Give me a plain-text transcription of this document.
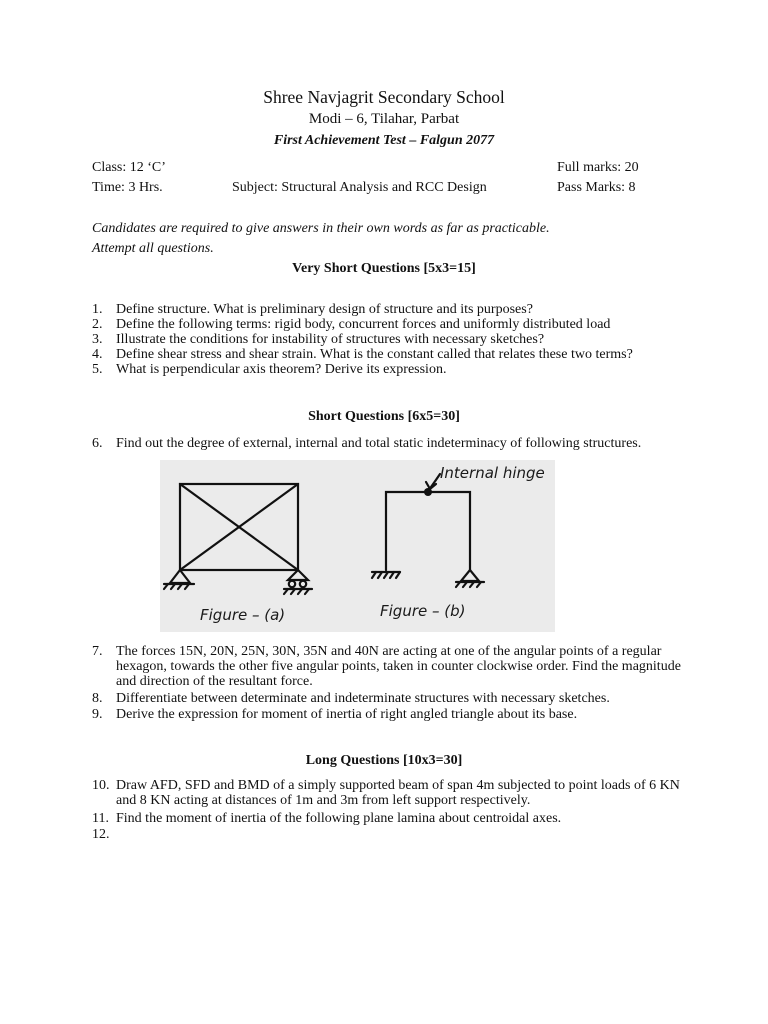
Shree Navjagrit Secondary School
Modi – 6, Tilahar, Parbat
First Achievement Test – Falgun 2077
Class: 12 ‘C’	Full marks: 20
Time: 3 Hrs.	Subject: Structural Analysis and RCC Design	Pass Marks: 8
Candidates are required to give answers in their own words as far as practicable.
Attempt all questions.
Very Short Questions [5x3=15]
1. Define structure. What is preliminary design of structure and its purposes?
2. Define the following terms: rigid body, concurrent forces and uniformly distributed load
3. Illustrate the conditions for instability of structures with necessary sketches?
4. Define shear stress and shear strain. What is the constant called that relates these two terms?
5. What is perpendicular axis theorem? Derive its expression.
Short Questions [6x5=30]
6. Find out the degree of external, internal and total static indeterminacy of following structures.
Internal hinge
Figure – (a)	Figure – (b)
7. The forces 15N, 20N, 25N, 30N, 35N and 40N are acting at one of the angular points of a regular hexagon, towards the other five angular points, taken in counter clockwise order. Find the magnitude and direction of the resultant force.
8. Differentiate between determinate and indeterminate structures with necessary sketches.
9. Derive the expression for moment of inertia of right angled triangle about its base.
Long Questions [10x3=30]
10. Draw AFD, SFD and BMD of a simply supported beam of span 4m subjected to point loads of 6 KN and 8 KN acting at distances of 1m and 3m from left support respectively.
11. Find the moment of inertia of the following plane lamina about centroidal axes.
12.
